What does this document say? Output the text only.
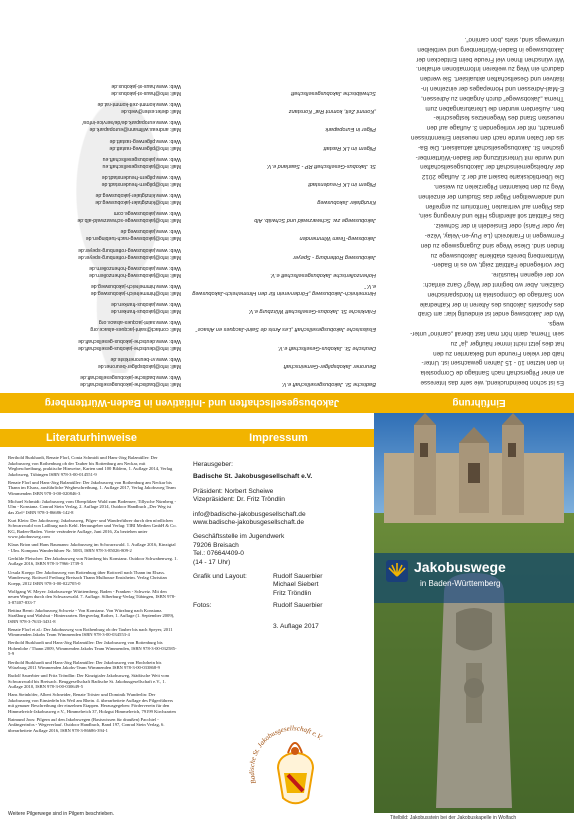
Einführung
Es ist schon beeindruckend, wie sehr das Interesse
an einer Pilgerschaft nach Santiago de Compostela
in den letzten 10 - 15 Jahren gewachsen ist. Unter-
halb der vielen Freunde und Bekannten zu den
hat dies jetzt nicht immer häufiger „ja“ zu
sein Thema, darin hört man fast überall „camino“ unter-
wegs.
Wo der Jakobsweg endet ist eindeutig klar: am Grab
des Apostels Jakobus des Älteren in der Kathedrale
von Santiago de Compostela im Nordspanischen
Galizien. Aber wo beginnt der Weg? Ganz einfach:
vor der eigenen Haustüre.
Der vorliegende Faltblatt zeigt, wo es in Baden-
Württemberg bereits etablierte Jakobuswege zu
finden sind. Diese Wege sind Zugangswege zu den
Fernwegen in Frankreich (Le Puy-en-Velay, Véze-
lay oder Paris) oder Einsiedeln in der Schweiz.
Das Faltblatt soll allerdings Hilfe und Anregung sein,
das Pilgern auf vertrauten Territorium zu ergreifen
und anderweitigen Pilger das Studium der einzelnen
Weg zu den bekannten Pilgerzielen zu weisen.
Die Überblickskarte basiert auf der 2. Auflage 2012
der Arbeitsgemeinschaft der Jakobusgesellschaften
und wurde mit Unterstützung der Baden-Württember-
gischen St. Jakobusgesellschaft aktualisiert. Die Ba-
sis der Daten wurde nach den neuesten Erkenntnissen
gemacht, mit der vorliegenden 3. Auflage auf den
neuesten Stand des Wegenetzes festgeschrie-
ben. Außerdem wurden die Literaturangaben zum
Thema „Jakobswege“ durch Angaben zu Adressen,
E-Mail-Adressen und Homepages der einzelnen In-
itiativen und Gesellschaften aktualisiert. Sie werden
dadurch ein Weg zu weiteren Informationen erhalten.
Wir wünschen Ihnen viel Freude beim Entdecken der
Jakobuswege in Baden-Württemberg und verbleiben
unterwegs sind, stets „bon camino“.
Jakobusgesellschaften und -Initiativen in Baden-Württemberg
Badische St. Jakobusgesellschaft e.V.
Mail: info@badische-jakobusgesellschaft.de
Web: www.badische-jakobusgesellschaft.de
Beuroner Jakobspilger-Gemeinschaft
Mail: info@jakobspilger-beuroner.de
Web: www.vr-beuronerkiste.de
Deutsche St. Jakobus-Gesellschaft e.V.
Mail: info@deutsche-jakobus-gesellschaft.de
Web: www.deutsche-jakobus-gesellschaft.de
Elsässische Jakobusgesellschaft „Les Amis de Saint-Jacques en Alsace“
Mail: contact@saint-jacques-alsace.org
Web: www.saint-jacques-alsace.org
Fränkische St. Jakobus-Gesellschaft Würzburg e.V.
Mail: info@jakobus-franken.de
Web: www.jakobus-franken.de
Himmelreich-Jakobusweg „Förderverein für den Himmelreich-Jakobusweg e.V.“
Mail: info@himmelreich-jakobusweg.de
Web: www.himmelreich-jakobusweg.de
Hohenzollerische Jakobusgesellschaft e.V.
Mail: info@jakobusweg-hohenzollern.de
Web: www.jakobusweg-hohenzollern.de
Jakobusweg Rottenburg - Speyer
Mail: info@jakobusweg-rottenburg-speyer.de
Web: www.jakobusweg-rottenburg-speyer.de
Jakobsweg-Team Wimmenden
Mail: info@jakobsweg-nach-tuebingen.de
Web: www.jakobusweg.de
Jakobuswege zw. Schwarzwald und Schwäb. Alb
Mail: info@jakobuswege-schwarzwald-alb.de
Web: www.jakobuswege.com
Kinzigtaler Jakobusweg
Mail: info@kinzigtaler-jakobusweg.de
Web: www.kinzigtaler-jakobusweg.de
Pilgern im LK Freudenstadt
Mail: info@pilgern-freudenstadt.de
Web: www.pilgern-freudenstadt.de
St. Jakobus-Gesellschaft RP - Saarland e.V.
Mail: info@jakobusgesellschaft.eu
Web: www.jakobusgesellschaft.eu
Pilgern im LK Rastatt
Mail: info@pilgerweg-rastatt.de
Web: www.pilgerweg-rastatt.de
Pilger in Europapark
Mail: andreas.willmann@europapark.de
Web: www.europapark.de/de/service-infos/
„Kommt Zeit, kommt Rat“ Konstanz
Mail: dieter.ester@web.de
Web: www.kommt-zeit-kommt-rat.de
Schwäbische Jakobusgesellschaft
Mail: info@haus-st-jakobus.de
Web: www.haus-st-jakobus.de
Literaturhinweise
Berthold Burkhardt, Renate Florl, Conia Schmidt und Hans-Jörg Balzmüller: Der Jakobusweg von Rothenburg ob der Tauber bis Rottenburg am Neckar, mit Wegbeschreibung, praktische Hinweise, Karten und 100 Bildern, 1. Auflage 2014, Verlag Jakobsweg, Tübingen ISBN 978-3-00-014551-9
Renate Florl und Hans-Jörg Balzmüller: Der Jakobusweg von Rothenburg am Neckar bis Thann im Elsass, ausführliche Wegbeschreibung, 1. Auflage 2017, Verlag Jakobsweg Team Wimmenden ISBN 978-3-00-020846-3
Michael Schmidt: Jakobusweg vom Oberpfälzer Wald zum Bodensee, Tillysche Nürnberg - Ulm - Konstanz. Conrad Stein Verlag, 2. Auflage 2014, Outdoor Handbuch „Der Weg ist das Ziel“ ISBN 978-3-86686-142-8
Kurt Klein: Der Jakobsweg: Jakobusweg, Pilger- und Wanderführer durch den nördlichen Schwarzwald von Loßburg nach Kehl. Herausgeber und Verlag: TIBI Medien GmbH & Co. KG, Baden-Baden. Vierte veränderte Auflage, Juni 2016, Zu beziehen unter www.jakobusweg.com
Klaus Brion und Hans Baumann: Jakobusweg im Schwarzwald. 1. Auflage 2016, Kinzigtal - Ulm. Kompass Wanderführer Nr. 5083, ISBN 978-3-85026-809-2
Gerhilde Fleischer: Der Jakobusweg von Nürnberg bis Konstanz. Outdoor Schwabenweg. 1. Auflage 2016, ISBN 978-3-7966-1739-5
Ursula Koepp: Der Jakobusweg von Rottenburg über Rottweil nach Thann im Elsass. Wanderweg. Rottweil Freiburg Breisach Thann Mulhouse Ensisheim. Verlag Christian Koepp, 2012 ISBN 978-3-00-022705-0
Wolfgang W. Meyer: Jakobuswege Württemberg. Baden - Franken - Schweiz. Mit den neuen Wegen durch den Schwarzwald. 7. Auflage. Silberburg-Verlag Tübingen, ISBN 978-3-87407-833-7
Bettina Bernt: Jakobusweg Schweiz - Von Konstanz. Von Würzburg nach Konstanz. Straßburg und Walshut - Hinterzarten. Bergverlag Rother, 1. Auflage (1. September 2009), ISBN 978-3-7633-3431-8
Renate Florl et al.: Der Jakobusweg von Rothenburg ob der Tauber bis nach Speyer, 2011 Wimmenden Jakobs Team Wimmenden ISBN 978-3-00-034553-4
Berthold Burkhardt und Hans-Jörg Balzmüller: Der Jakobusweg von Rottenburg bis Hohenlohe / Thann 2009, Wimmenden Jakobs Team Wimmenden, ISBN 978-3-00-032585-5-9
Berthold Burkhardt und Hans-Jörg Balzmüller: Der Jakobusweg von Hochrhein bis Würzburg 2011 Wimmenden Jakobs-Team Wimmenden ISBN 978-3-00-033868-9
Rudolf Sauerbier und Fritz Tröndlin: Der Kinzigtaler Jakobusweg, Städtische Weit vom Schwarzwald bis Breisach. Beuggesellschaft Badische St. Jakobusgesellschaft e.V., 1. Auflage 2010, ISBN 978-3-00-030649-5
Hans Steinhöfer, Albert Schneider, Renate Tröster und Dominik Wunderlin: Der Jakobusweg von Einsiedeln bis Weil am Rhein. 4. überarbeitete Auflage des Pilgerführers mit genauer Beschreibung der einzelnen Etappen. Herausgegeben: Förderverein für den Himmelreich-Jakobusweg e.V., Himmelreich 37, Holzgut Himmelreich, 79199 Kirchzarten
Raimund Joos: Pilgern auf den Jakobswegen (Basiswissen für draußen) Pacchiel - Anfängerinfos - Wegeverlauf. Outdoor Handbuch, Band 197, Conrad Stein Verlag, 6. überarbeitete Auflage 2016, ISBN 978-3-86686-394-1
Weitere Pilgerwege sind in Pilgern beschrieben.
Impressum
Herausgeber:
Badische St. Jakobusgesellschaft e.V.
Präsident: Norbert Scheiwe
Vizepräsident: Dr. Fritz Tröndlin
info@badische-jakobusgesellschaft.de
www.badische-jakobusgesellschaft.de
Geschäftsstelle im Jugendwerk
79206 Breisach
Tel.: 07664/409-0
(14 - 17 Uhr)
Grafik und Layout:	Rudolf Sauerbier
Michael Siebert
Fritz Tröndlin
Fotos:	Rudolf Sauerbier
3. Auflage 2017
Badische St. Jakobusgesellschaft e.V.
Jakobuswege
in Baden-Württemberg
Titelbild: Jakobusstein bei der Jakobuskapelle in Wolfach
